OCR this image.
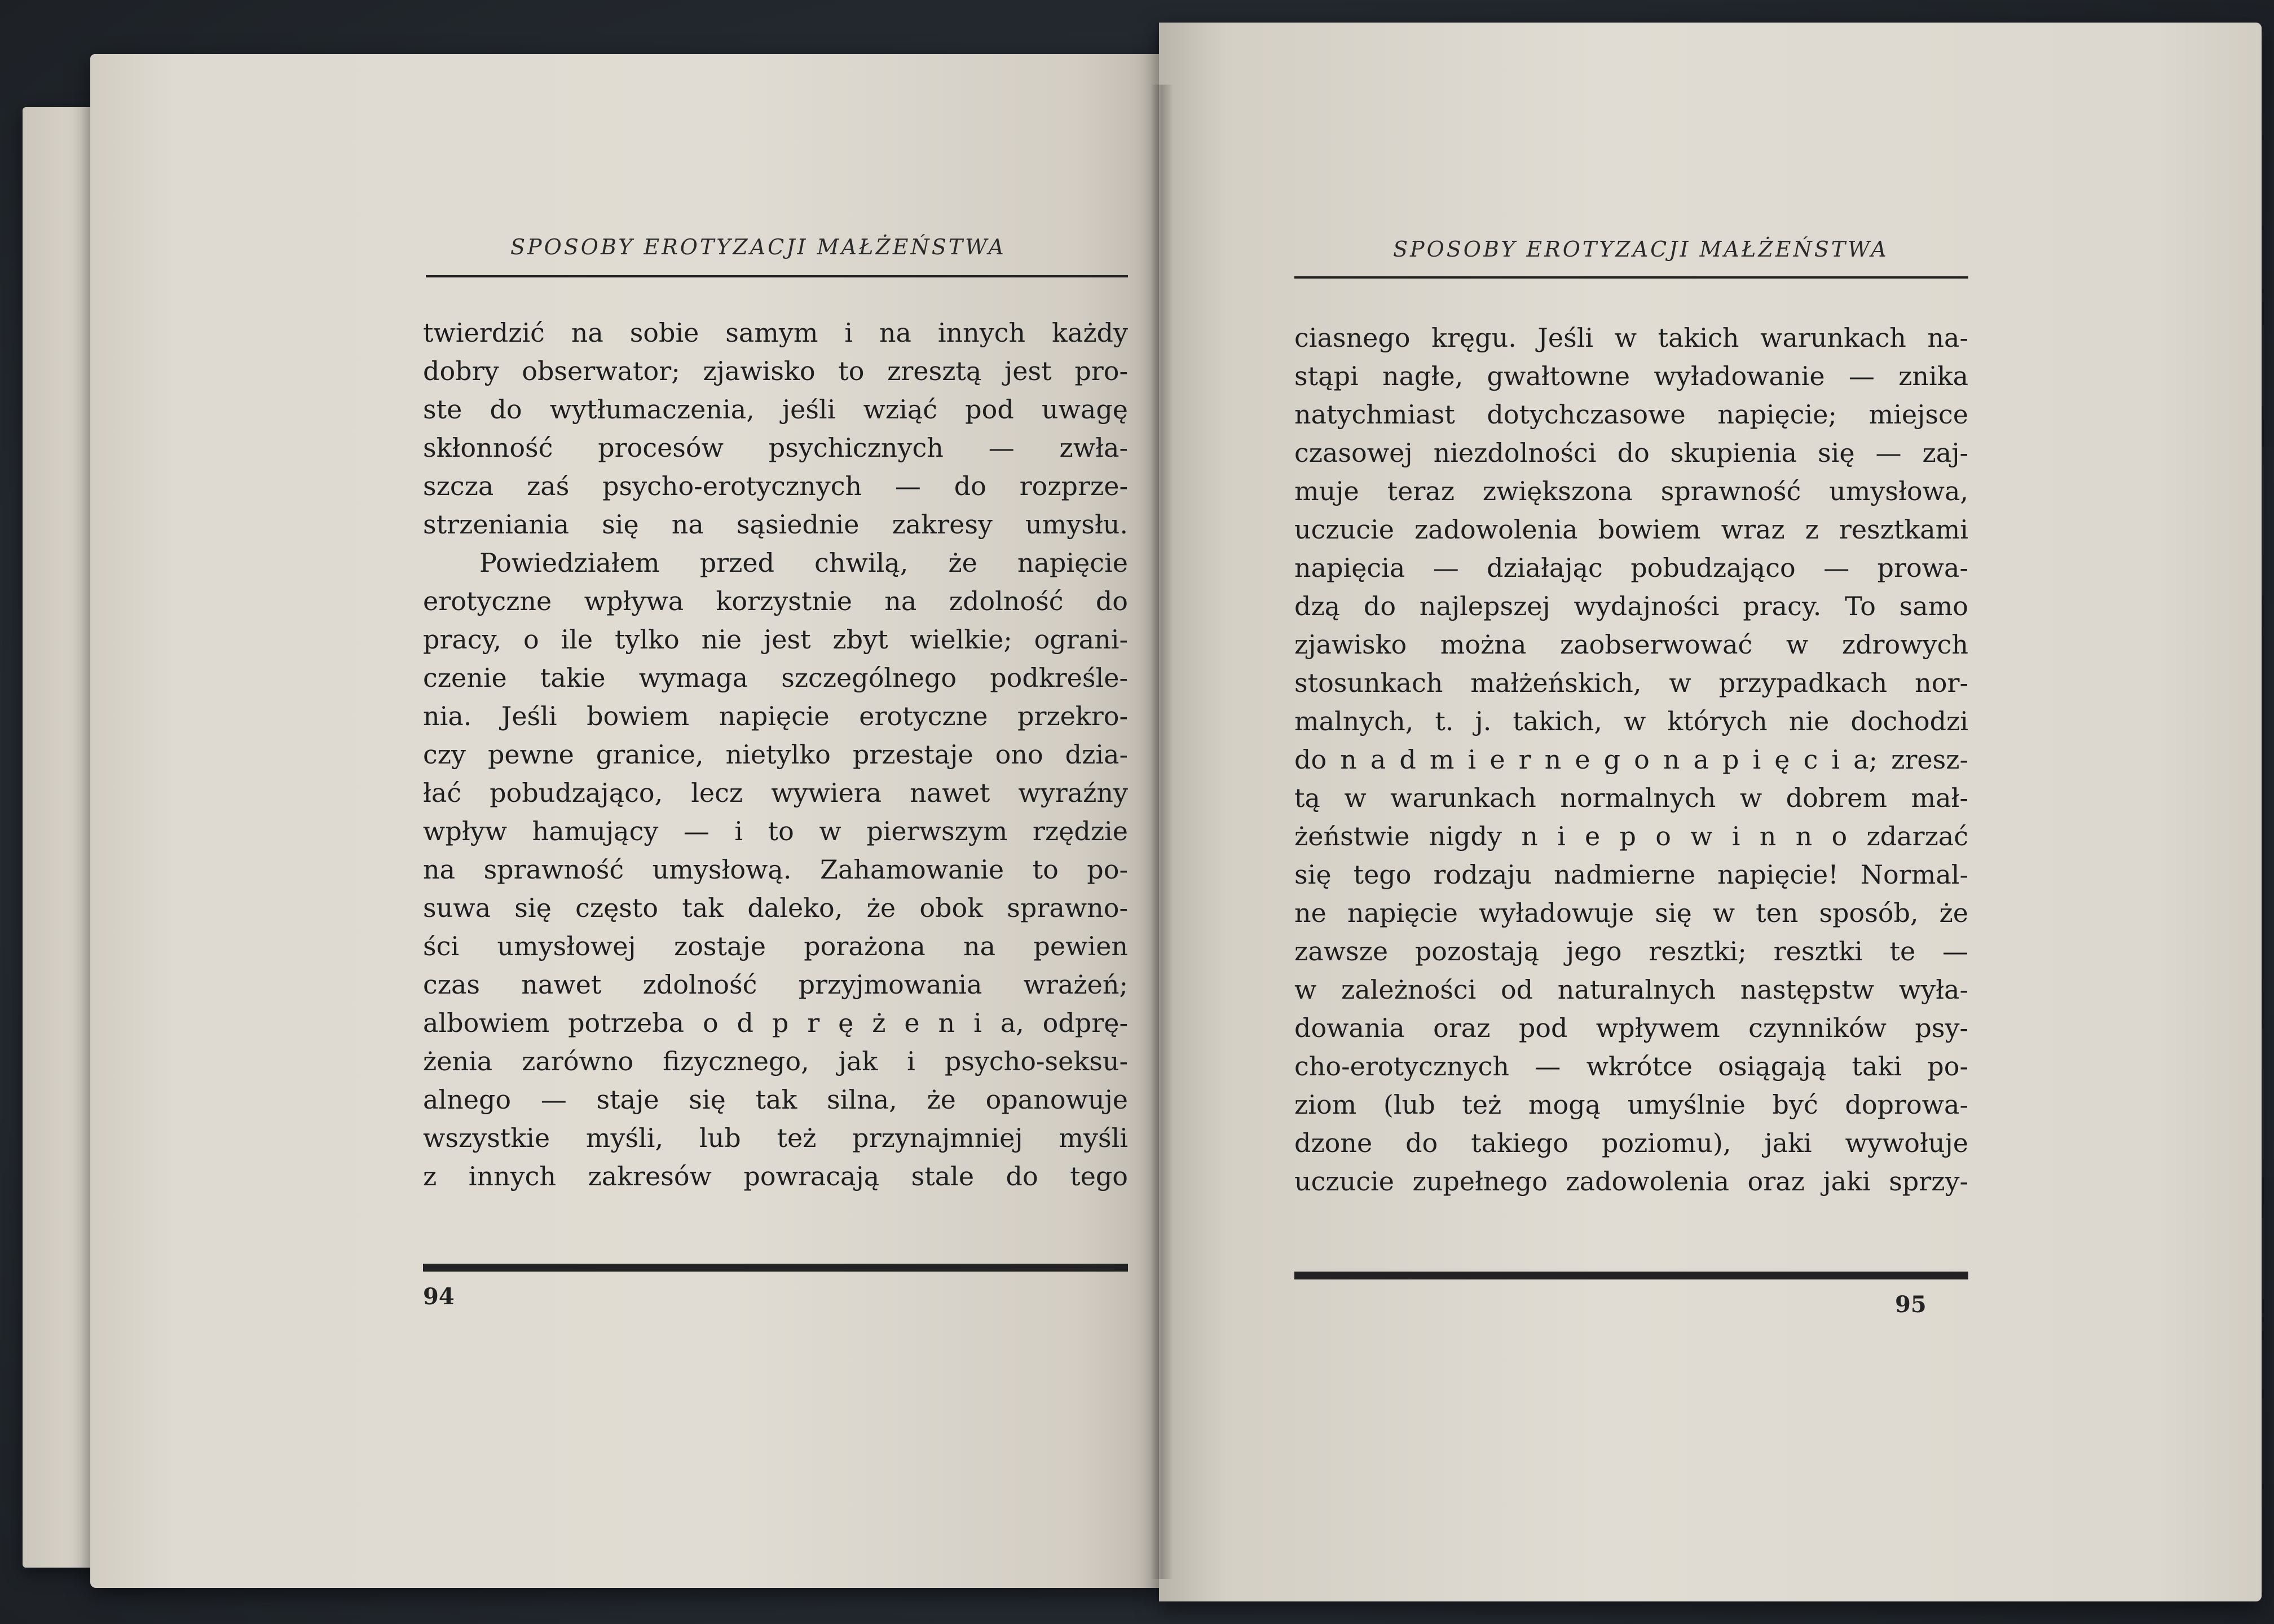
SPOSOBY EROTYZACJI MAŁŻEŃSTWA
twierdzić na sobie samym i na innych każdy
dobry obserwator; zjawisko to zresztą jest pro-
ste do wytłumaczenia, jeśli wziąć pod uwagę
skłonność procesów psychicznych — zwła-
szcza zaś psycho-erotycznych — do rozprze-
strzeniania się na sąsiednie zakresy umysłu.
Powiedziałem przed chwilą, że napięcie
erotyczne wpływa korzystnie na zdolność do
pracy, o ile tylko nie jest zbyt wielkie; ograni-
czenie takie wymaga szczególnego podkreśle-
nia. Jeśli bowiem napięcie erotyczne przekro-
czy pewne granice, nietylko przestaje ono dzia-
łać pobudzająco, lecz wywiera nawet wyraźny
wpływ hamujący — i to w pierwszym rzędzie
na sprawność umysłową. Zahamowanie to po-
suwa się często tak daleko, że obok sprawno-
ści umysłowej zostaje porażona na pewien
czas nawet zdolność przyjmowania wrażeń;
albowiem potrzeba o d p r ę ż e n i a, odprę-
żenia zarówno fizycznego, jak i psycho-seksu-
alnego — staje się tak silna, że opanowuje
wszystkie myśli, lub też przynajmniej myśli
z innych zakresów powracają stale do tego
94
SPOSOBY EROTYZACJI MAŁŻEŃSTWA
ciasnego kręgu. Jeśli w takich warunkach na-
stąpi nagłe, gwałtowne wyładowanie — znika
natychmiast dotychczasowe napięcie; miejsce
czasowej niezdolności do skupienia się — zaj-
muje teraz zwiększona sprawność umysłowa,
uczucie zadowolenia bowiem wraz z resztkami
napięcia — działając pobudzająco — prowa-
dzą do najlepszej wydajności pracy. To samo
zjawisko można zaobserwować w zdrowych
stosunkach małżeńskich, w przypadkach nor-
malnych, t. j. takich, w których nie dochodzi
do n a d m i e r n e g o n a p i ę c i a; zresz-
tą w warunkach normalnych w dobrem mał-
żeństwie nigdy n i e p o w i n n o zdarzać
się tego rodzaju nadmierne napięcie! Normal-
ne napięcie wyładowuje się w ten sposób, że
zawsze pozostają jego resztki; resztki te —
w zależności od naturalnych następstw wyła-
dowania oraz pod wpływem czynników psy-
cho-erotycznych — wkrótce osiągają taki po-
ziom (lub też mogą umyślnie być doprowa-
dzone do takiego poziomu), jaki wywołuje
uczucie zupełnego zadowolenia oraz jaki sprzy-
95
